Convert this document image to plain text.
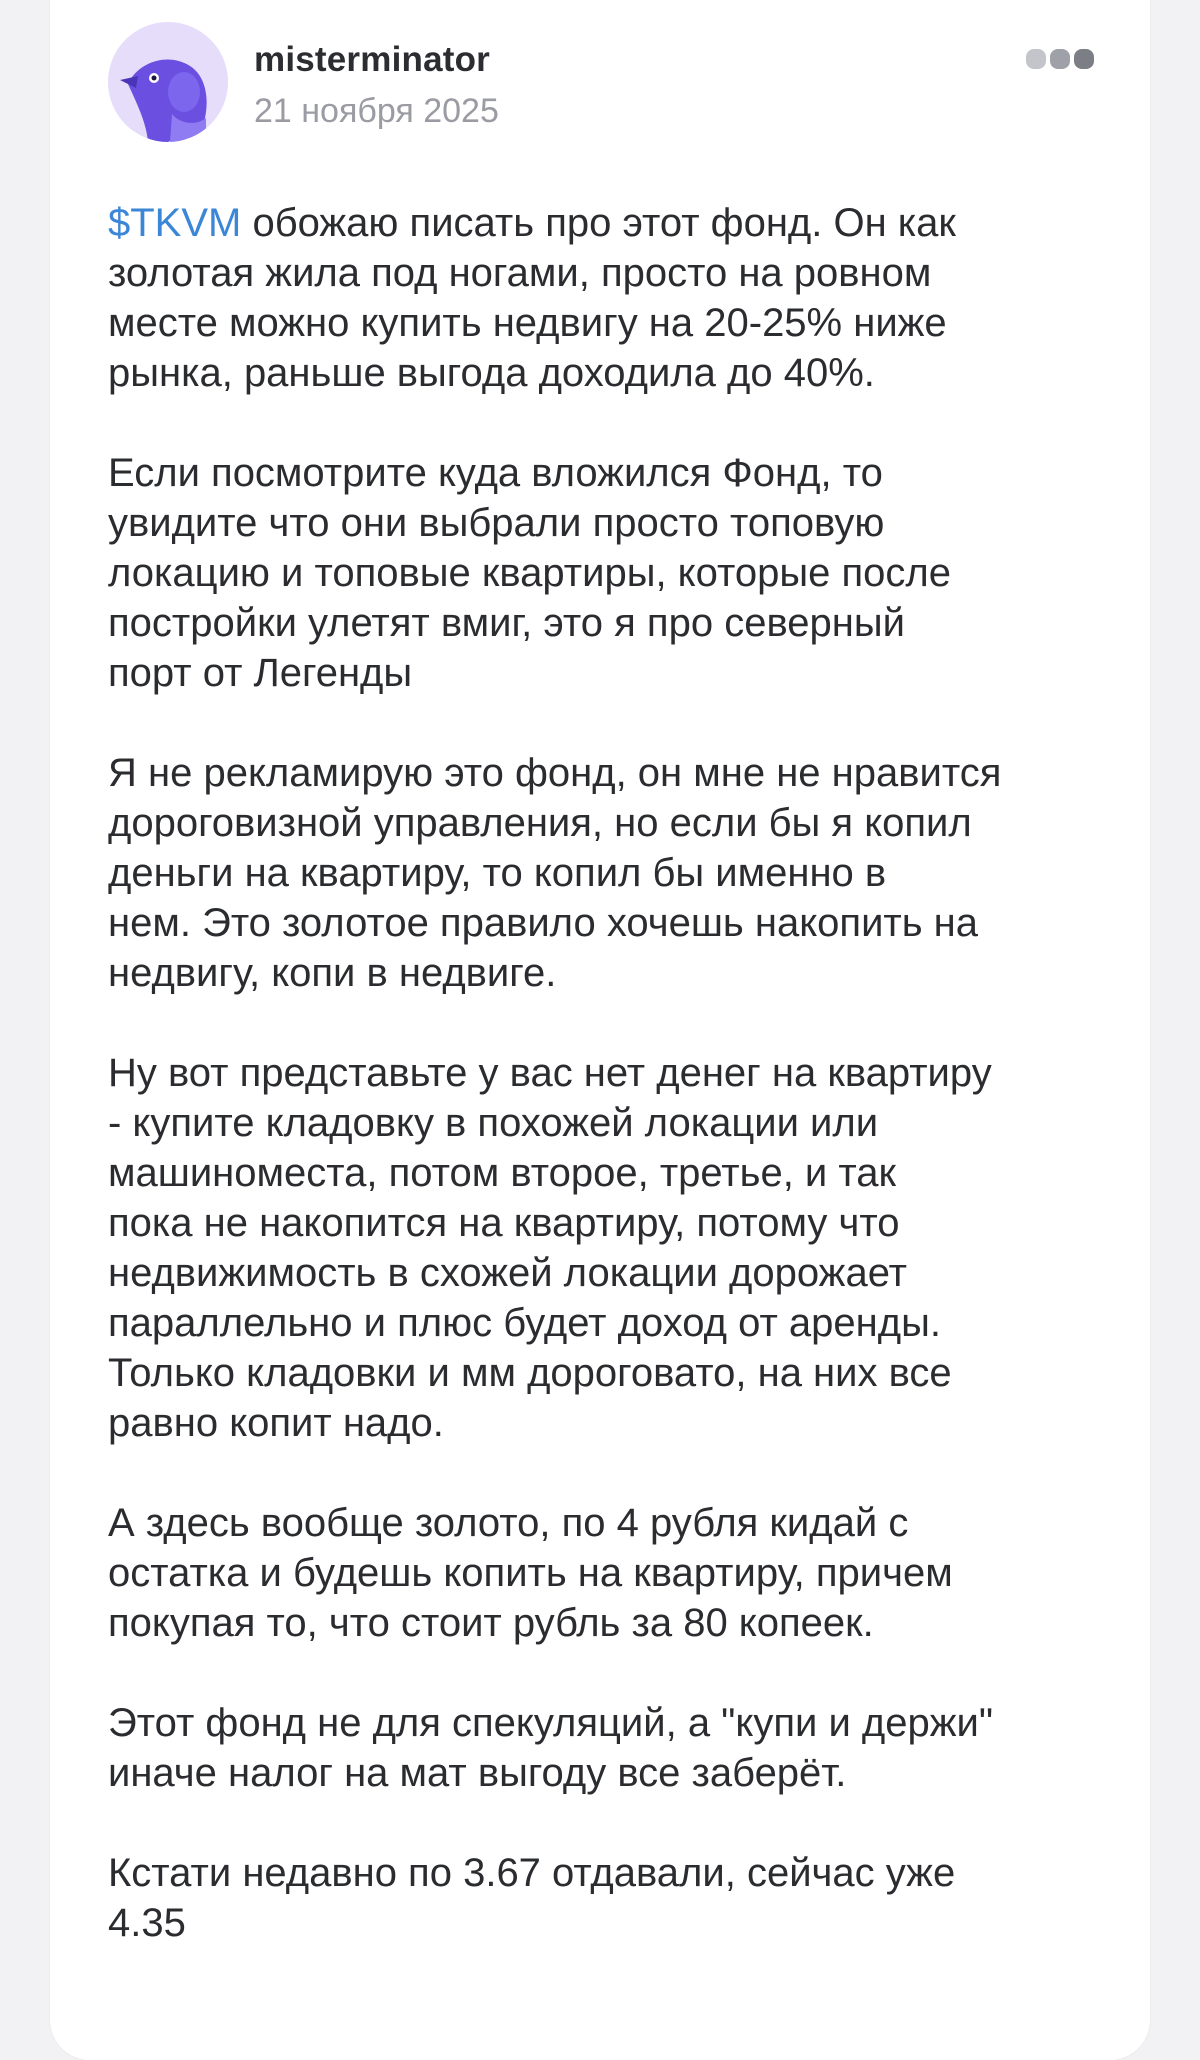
misterminator
21 ноября 2025

$TKVM обожаю писать про этот фонд. Он как
золотая жила под ногами, просто на ровном
месте можно купить недвигу на 20-25% ниже
рынка, раньше выгода доходила до 40%.

Если посмотрите куда вложился Фонд, то
увидите что они выбрали просто топовую
локацию и топовые квартиры, которые после
постройки улетят вмиг, это я про северный
порт от Легенды

Я не рекламирую это фонд, он мне не нравится
дороговизной управления, но если бы я копил
деньги на квартиру, то копил бы именно в
нем. Это золотое правило хочешь накопить на
недвигу, копи в недвиге.

Ну вот представьте у вас нет денег на квартиру
- купите кладовку в похожей локации или
машиноместа, потом второе, третье, и так
пока не накопится на квартиру, потому что
недвижимость в схожей локации дорожает
параллельно и плюс будет доход от аренды.
Только кладовки и мм дороговато, на них все
равно копит надо.

А здесь вообще золото, по 4 рубля кидай с
остатка и будешь копить на квартиру, причем
покупая то, что стоит рубль за 80 копеек.

Этот фонд не для спекуляций, а "купи и держи"
иначе налог на мат выгоду все заберёт.

Кстати недавно по 3.67 отдавали, сейчас уже
4.35
